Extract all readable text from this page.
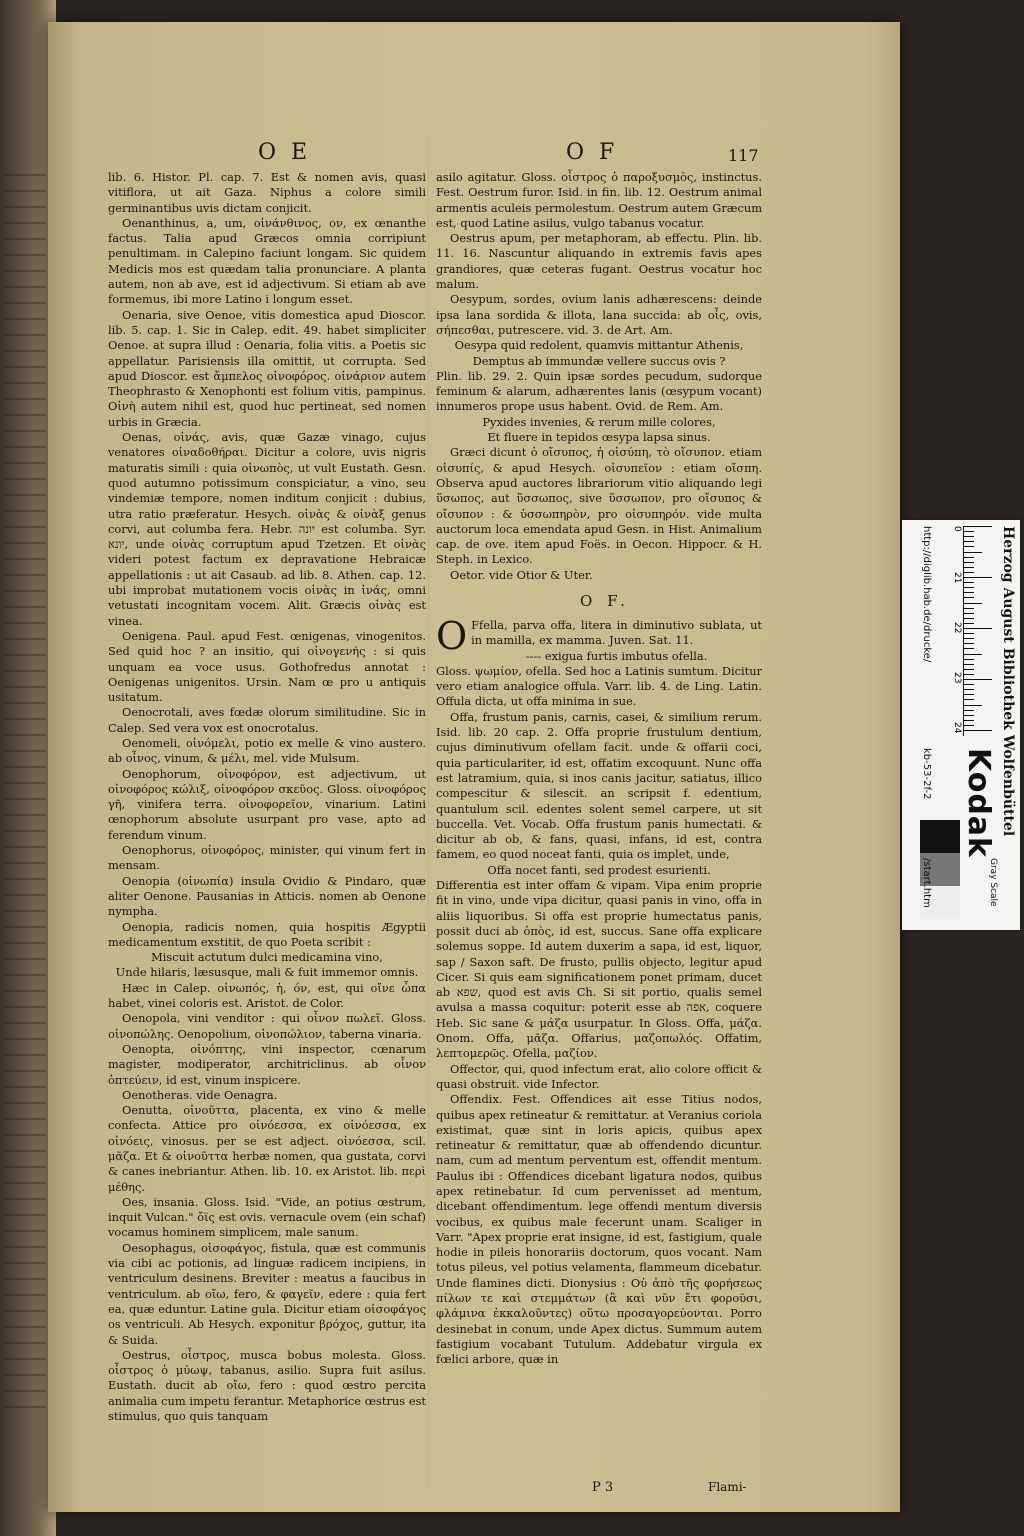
O E	O F	117

lib. 6. Histor. Pl. cap. 7. Est & nomen avis, quasi vitiflora, ut ait Gaza. Niphus a colore simili germinantibus uvis dictam conjicit.

Oenanthinus, a, um, οἰνάνθινος, ον, ex œnanthe factus. Talia apud Græcos omnia corripiunt penultimam. in Calepino faciunt longam. Sic quidem Medicis mos est quædam talia pronunciare. A planta autem, non ab ave, est id adjectivum. Si etiam ab ave formemus, ibi more Latino i longum esset.

Oenaria, sive Oenoe, vitis domestica apud Dioscor. lib. 5. cap. 1. Sic in Calep. edit. 49. habet simpliciter Oenoe. at supra illud : Oenaria, folia vitis. a Poetis sic appellatur. Parisiensis illa omittit, ut corrupta. Sed apud Dioscor. est ἄμπελος οἰνοφόρος. οἰνάριον autem Theophrasto & Xenophonti est folium vitis, pampinus. Οἰνὴ autem nihil est, quod huc pertineat, sed nomen urbis in Græcia.

Oenas, οἰνάς, avis, quæ Gazæ vinago, cujus venatores οἰναδοθήραι. Dicitur a colore, uvis nigris maturatis simili : quia οἰνωπὸς, ut vult Eustath. Gesn. quod autumno potissimum conspiciatur, a vino, seu vindemiæ tempore, nomen inditum conjicit : dubius, utra ratio præferatur. Hesych. οἰνὰς & οἰνὰξ genus corvi, aut columba fera. Hebr. יונה est columba. Syr. יונא, unde οἰνὰς corruptum apud Tzetzen. Et οἰνὰς videri potest factum ex depravatione Hebraicæ appellationis : ut ait Casaub. ad lib. 8. Athen. cap. 12. ubi improbat mutationem vocis οἰνὰς in ἰνάς, omni vetustati incognitam vocem. Alit. Græcis οἰνὰς est vinea.

Oenigena. Paul. apud Fest. œnigenas, vinogenitos. Sed quid hoc ? an insitio, qui οἰνογενής : si quis unquam ea voce usus. Gothofredus annotat : Oenigenas unigenitos. Ursin. Nam œ pro u antiquis usitatum.

Oenocrotali, aves fœdæ olorum similitudine. Sic in Calep. Sed vera vox est onocrotalus.

Oenomeli, οἰνόμελι, potio ex melle & vino austero. ab οἶνος, vinum, & μέλι, mel. vide Mulsum.

Oenophorum, οἰνοφόρον, est adjectivum, ut οἰνοφόρος κώλιξ, οἰνοφόρον σκεῦος. Gloss. οἰνοφόρος γῆ, vinifera terra. οἰνοφορεῖον, vinarium. Latini œnophorum absolute usurpant pro vase, apto ad ferendum vinum.

Oenophorus, οἰνοφόρος, minister, qui vinum fert in mensam.

Oenopia (οἰνωπία) insula Ovidio & Pindaro, quæ aliter Oenone. Pausanias in Atticis. nomen ab Oenone nympha.

Oenopia, radicis nomen, quia hospitis Ægyptii medicamentum exstitit, de quo Poeta scribit :

Miscuit actutum dulci medicamina vino,

Unde hilaris, læsusque, mali & fuit immemor omnis.

Hæc in Calep. οἰνωπός, ἡ, όν, est, qui οἴνε ὦπα habet, vinei coloris est. Aristot. de Color.

Oenopola, vini venditor : qui οἶνον πωλεῖ. Gloss. οἰνοπώλης. Oenopolium, οἰνοπώλιον, taberna vinaria.

Oenopta, οἰνόπτης, vini inspector, cœnarum magister, modiperator, architriclinus. ab οἶνον ὀπτεύειν, id est, vinum inspicere.

Oenotheras. vide Oenagra.

Oenutta, οἰνοῦττα, placenta, ex vino & melle confecta. Attice pro οἰνόεσσα, ex οἰνόεσσα, ex οἰνόεις, vinosus. per se est adject. οἰνόεσσα, scil. μᾶζα. Et & οἰνοῦττα herbæ nomen, qua gustata, corvi & canes inebriantur. Athen. lib. 10. ex Aristot. lib. περὶ μέθης.

Oes, insania. Gloss. Isid. "Vide, an potius œstrum, inquit Vulcan." ὄϊς est ovis. vernacule ovem (ein schaf) vocamus hominem simplicem, male sanum.

Oesophagus, οἰσοφάγος, fistula, quæ est communis via cibi ac potionis, ad linguæ radicem incipiens, in ventriculum desinens. Breviter : meatus a faucibus in ventriculum. ab οἴω, fero, & φαγεῖν, edere : quia fert ea, quæ eduntur. Latine gula. Dicitur etiam οἰσοφάγος os ventriculi. Ab Hesych. exponitur βρόχος, guttur, ita & Suida.

Oestrus, οἶστρος, musca bobus molesta. Gloss. οἶστρος ὁ μύωψ, tabanus, asilio. Supra fuit asilus. Eustath. ducit ab οἴω, fero : quod œstro percita animalia cum impetu ferantur. Metaphorice œstrus est stimulus, quo quis tanquam

asilo agitatur. Gloss. οἶστρος ὁ παροξυσμὸς, instinctus. Fest. Oestrum furor. Isid. in fin. lib. 12. Oestrum animal armentis aculeis permolestum. Oestrum autem Græcum est, quod Latine asilus, vulgo tabanus vocatur.

Oestrus apum, per metaphoram, ab effectu. Plin. lib. 11. 16. Nascuntur aliquando in extremis favis apes grandiores, quæ ceteras fugant. Oestrus vocatur hoc malum.

Oesypum, sordes, ovium lanis adhærescens: deinde ipsa lana sordida & illota, lana succida: ab οἶς, ovis, σήπεσθαι, putrescere. vid. 3. de Art. Am.

Oesypa quid redolent, quamvis mittantur Athenis,

Demptus ab immundæ vellere succus ovis ?

Plin. lib. 29. 2. Quin ipsæ sordes pecudum, sudorque feminum & alarum, adhærentes lanis (œsypum vocant) innumeros prope usus habent. Ovid. de Rem. Am.

Pyxides invenies, & rerum mille colores,

Et fluere in tepidos œsypa lapsa sinus.

Græci dicunt ὁ οἴσυπος, ἡ οἰσύπη, τὸ οἴσυπον. etiam οἰσυπίς, & apud Hesych. οἰσυπεῖον : etiam οἴσπη. Observa apud auctores librariorum vitio aliquando legi ὕσωπος, aut ὕσσωπος, sive ὕσσωπον, pro οἴσυπος & οἴσυπον : & ὑσσωπηρὸν, pro οἰσυπηρόν. vide multa auctorum loca emendata apud Gesn. in Hist. Animalium cap. de ove. item apud Foës. in Oecon. Hippocr. & H. Steph. in Lexico.

Oetor. vide Otior & Uter.

O F.
O Ffella, parva offa, litera in diminutivo sublata, ut in mamilla, ex mamma. Juven. Sat. 11.

---- exigua furtis imbutus ofella.

Gloss. ψωμίον, ofella. Sed hoc a Latinis sumtum. Dicitur vero etiam analogice offula. Varr. lib. 4. de Ling. Latin. Offula dicta, ut offa minima in sue.

Offa, frustum panis, carnis, casei, & similium rerum. Isid. lib. 20 cap. 2. Offa proprie frustulum dentium, cujus diminutivum ofellam facit. unde & offarii coci, quia particulariter, id est, offatim excoquunt. Nunc offa est latramium, quia, si inos canis jacitur, satiatus, illico compescitur & silescit. an scripsit f. edentium, quantulum scil. edentes solent semel carpere, ut sit buccella. Vet. Vocab. Offa frustum panis humectati. & dicitur ab ob, & fans, quasi, infans, id est, contra famem, eo quod noceat fanti, quia os implet, unde,

Offa nocet fanti, sed prodest esurienti.

Differentia est inter offam & vipam. Vipa enim proprie fit in vino, unde vipa dicitur, quasi panis in vino, offa in aliis liquoribus. Si offa est proprie humectatus panis, possit duci ab ὀπὸς, id est, succus. Sane offa explicare solemus soppe. Id autem duxerim a sapa, id est, liquor, sap / Saxon saft. De frusto, pullis objecto, legitur apud Cicer. Si quis eam significationem ponet primam, ducet ab שפא, quod est avis Ch. Si sit portio, qualis semel avulsa a massa coquitur: poterit esse ab אפה, coquere Heb. Sic sane & μάζα usurpatur. In Gloss. Offa, μάζα. Onom. Offa, μᾶζα. Offarius, μαζοπωλός. Offatim, λεπτομερῶς. Ofella, μαζίον.

Offector, qui, quod infectum erat, alio colore officit & quasi obstruit. vide Infector.

Offendix. Fest. Offendices ait esse Titius nodos, quibus apex retineatur & remittatur. at Veranius coriola existimat, quæ sint in loris apicis, quibus apex retineatur & remittatur, quæ ab offendendo dicuntur. nam, cum ad mentum perventum est, offendit mentum. Paulus ibi : Offendices dicebant ligatura nodos, quibus apex retinebatur. Id cum pervenisset ad mentum, dicebant offendimentum. lege offendi mentum diversis vocibus, ex quibus male fecerunt unam. Scaliger in Varr. "Apex proprie erat insigne, id est, fastigium, quale hodie in pileis honorariis doctorum, quos vocant. Nam totus pileus, vel potius velamenta, flammeum dicebatur. Unde flamines dicti. Dionysius : Οὐ ἀπὸ τῆς φορήσεως πίλων τε καὶ στεμμάτων (ἃ καὶ νῦν ἔτι φοροῦσι, φλάμινα ἐκκαλοῦντες) οὕτω προσαγορεύονται. Porro desinebat in conum, unde Apex dictus. Summum autem fastigium vocabant Tutulum. Addebatur virgula ex fœlici arbore, quæ in

P 3	Flami-
Herzog August Bibliothek Wolfenbüttel
0
21
22
23
24
Kodak
Gray Scale
http://diglib.hab.de/drucke/
kb-53-2f-2
/start.htm
